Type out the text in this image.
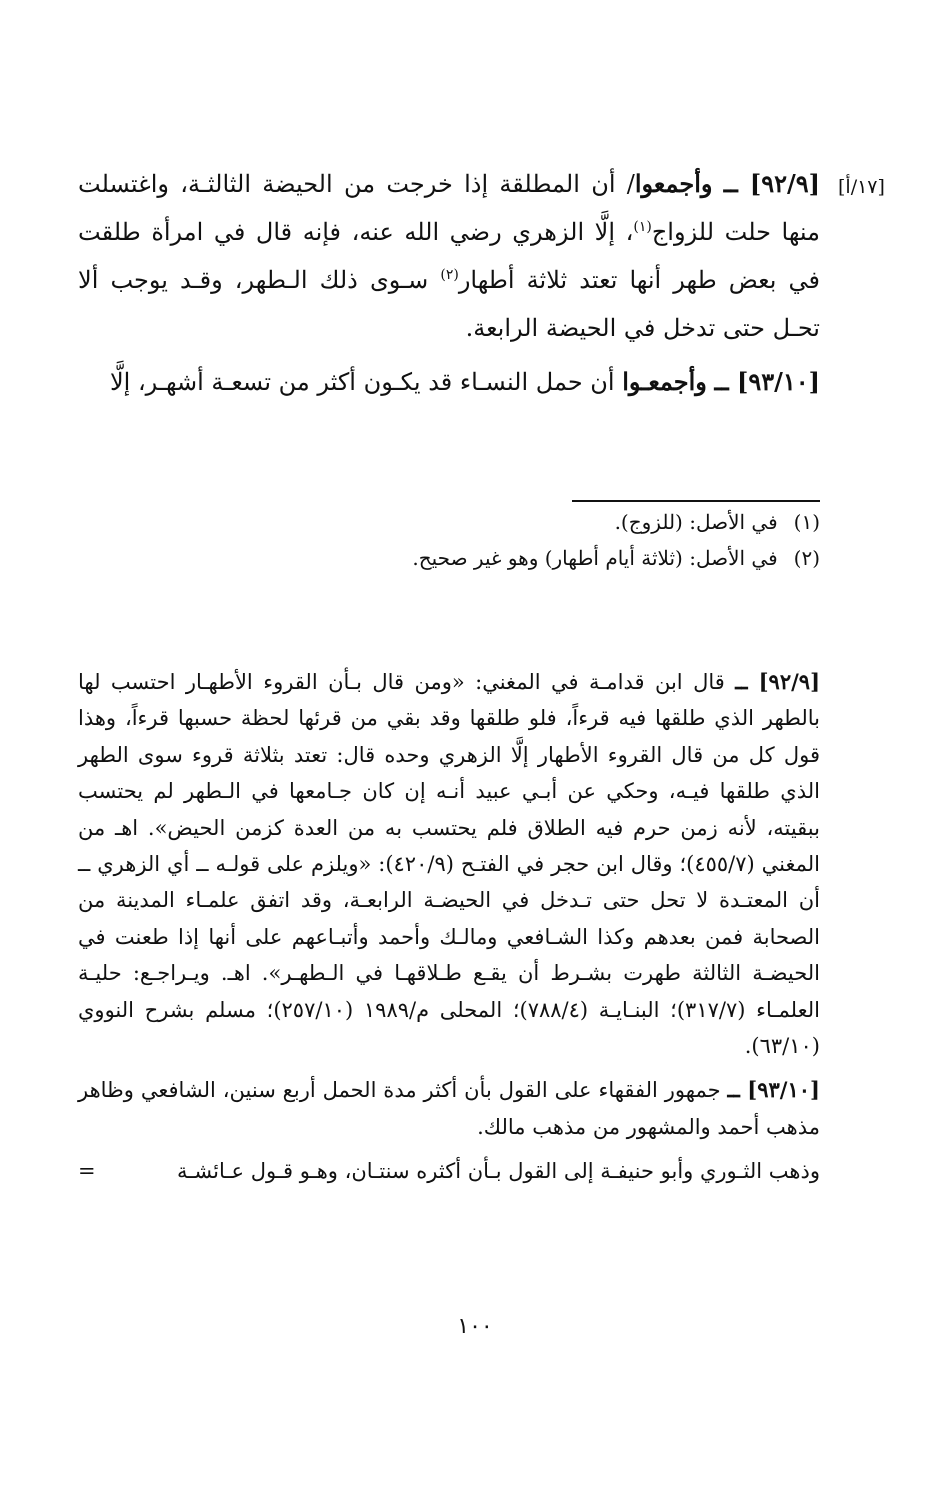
[١٧/أ]

[٩٢/٩] ــ وأجمعوا/ أن المطلقة إذا خرجت من الحيضة الثالثـة، واغتسلت منها حلت للزواج$^{(١)}$، إلَّا الزهري رضي الله عنه، فإنه قال في امرأة طلقت في بعض طهر أنها تعتد ثلاثة أطهار$^{(٢)}$ سـوى ذلك الـطهر، وقـد يوجب ألا تحـل حتى تدخل في الحيضة الرابعة.

[٩٣/١٠] ــ وأجمعـوا أن حمل النسـاء قد يكـون أكثر من تسعـة أشهـر، إلَّا

(١) في الأصل: (للزوج).

(٢) في الأصل: (ثلاثة أيام أطهار) وهو غير صحيح.

[٩٢/٩] ــ قال ابن قدامـة في المغني: «ومن قال بـأن القروء الأطهـار احتسب لها بالطهر الذي طلقها فيه قرءاً، فلو طلقها وقد بقي من قرئها لحظة حسبها قرءاً، وهذا قول كل من قال القروء الأطهار إلَّا الزهري وحده قال: تعتد بثلاثة قروء سوى الطهر الذي طلقها فيـه، وحكي عن أبـي عبيد أنـه إن كان جـامعها في الـطهر لم يحتسب ببقيته، لأنه زمن حرم فيه الطلاق فلم يحتسب به من العدة كزمن الحيض». اهـ من المغني (٤٥٥/٧)؛ وقال ابن حجر في الفتـح (٤٢٠/٩): «ويلزم على قولـه ــ أي الزهري ــ أن المعتـدة لا تحل حتى تـدخل في الحيضـة الرابعـة، وقد اتفق علمـاء المدينة من الصحابة فمن بعدهم وكذا الشـافعي ومالـك وأحمد وأتبـاعهم على أنها إذا طعنت في الحيضـة الثالثة طهرت بشـرط أن يقـع طـلاقهـا في الـطهـر». اهـ. ويـراجـع: حليـة العلمـاء (٣١٧/٧)؛ البنـايـة (٧٨٨/٤)؛ المحلى م/١٩٨٩ (٢٥٧/١٠)؛ مسلم بشرح النووي (٦٣/١٠).

[٩٣/١٠] ــ جمهور الفقهاء على القول بأن أكثر مدة الحمل أربع سنين، الشافعي وظاهر مذهب أحمد والمشهور من مذهب مالك.

وذهب الثـوري وأبو حنيفـة إلى القول بـأن أكثره سنتـان، وهـو قـول عـائشـة
=

١٠٠
